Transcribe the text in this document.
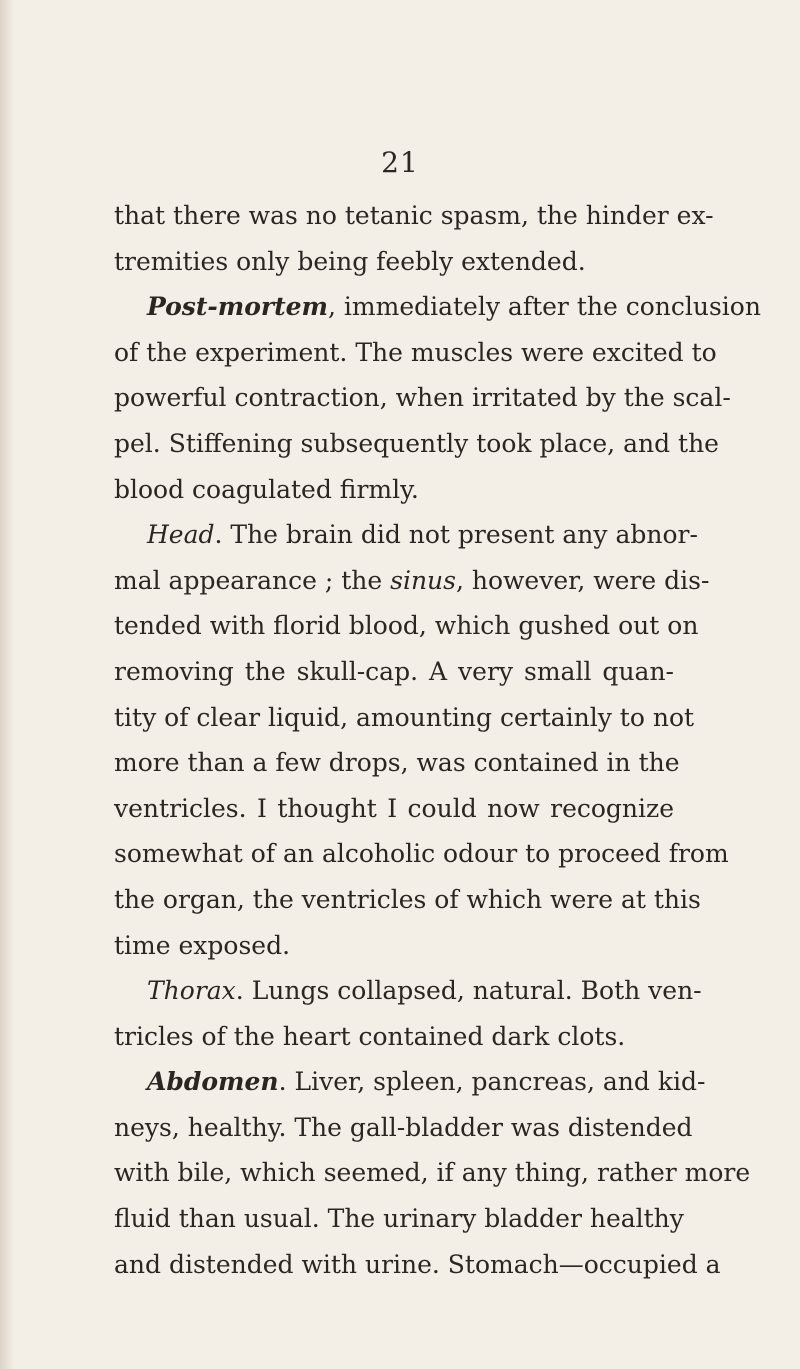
21
that there was no tetanic spasm, the hinder ex-
tremities only being feebly extended.
Post-mortem, immediately after the conclusion
of the experiment. The muscles were excited to
powerful contraction, when irritated by the scal-
pel. Stiffening subsequently took place, and the
blood coagulated firmly.
Head. The brain did not present any abnor-
mal appearance ; the sinus, however, were dis-
tended with florid blood, which gushed out on
removing the skull-cap. A very small quan-
tity of clear liquid, amounting certainly to not
more than a few drops, was contained in the
ventricles. I thought I could now recognize
somewhat of an alcoholic odour to proceed from
the organ, the ventricles of which were at this
time exposed.
Thorax. Lungs collapsed, natural. Both ven-
tricles of the heart contained dark clots.
Abdomen. Liver, spleen, pancreas, and kid-
neys, healthy. The gall-bladder was distended
with bile, which seemed, if any thing, rather more
fluid than usual. The urinary bladder healthy
and distended with urine. Stomach—occupied a
